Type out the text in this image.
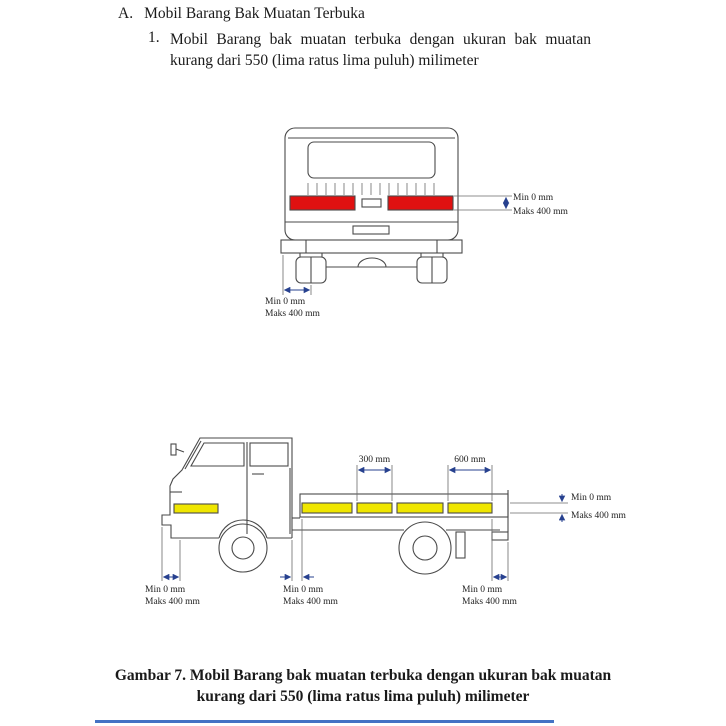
A. Mobil Barang Bak Muatan Terbuka
1. Mobil Barang bak muatan terbuka dengan ukuran bak muatan
kurang dari 550 (lima ratus lima puluh) milimeter
Min 0 mm
Maks 400 mm
Min 0 mm
Maks 400 mm
300 mm	600 mm
Min 0 mm
Maks 400 mm
Min 0 mm
Maks 400 mm
Min 0 mm
Maks 400 mm
Min 0 mm
Maks 400 mm
Gambar 7. Mobil Barang bak muatan terbuka dengan ukuran bak muatan
kurang dari 550 (lima ratus lima puluh) milimeter
